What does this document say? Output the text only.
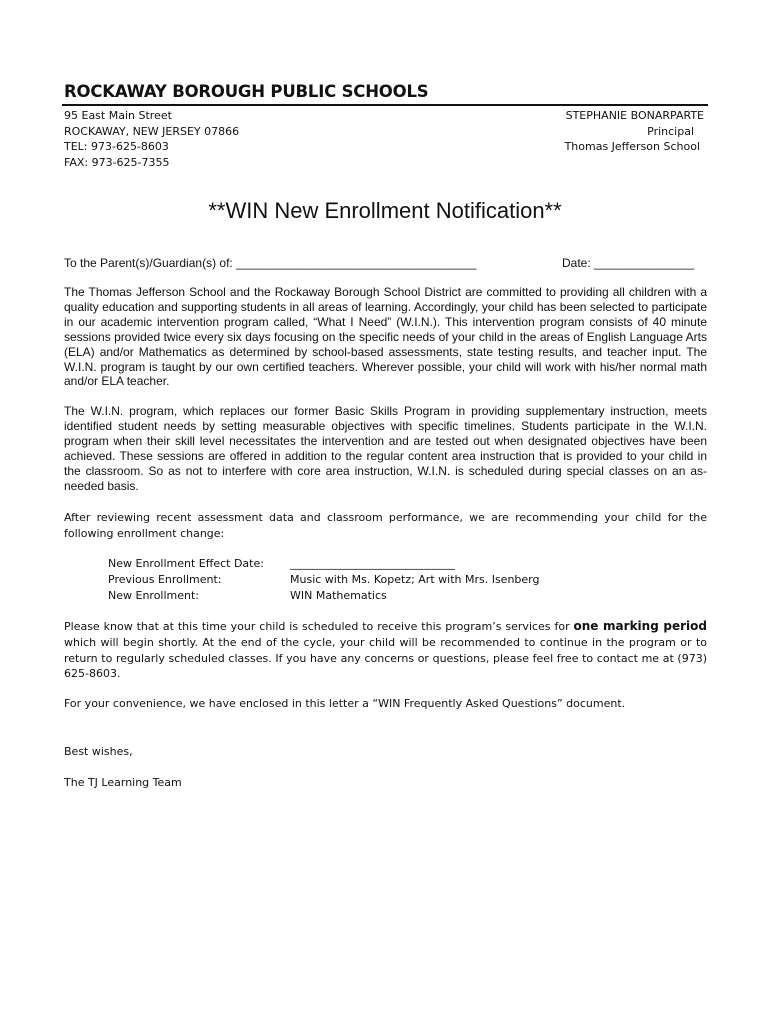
ROCKAWAY BOROUGH PUBLIC SCHOOLS
95 East Main Street
ROCKAWAY, NEW JERSEY 07866
TEL: 973-625-8603
FAX: 973-625-7355
STEPHANIE BONARPARTE
Principal
Thomas Jefferson School
**WIN New Enrollment Notification**
To the Parent(s)/Guardian(s) of: ____________________________________	Date: _______________
The Thomas Jefferson School and the Rockaway Borough School District are committed to providing all children with a quality education and supporting students in all areas of learning. Accordingly, your child has been selected to participate in our academic intervention program called, “What I Need” (W.I.N.). This intervention program consists of 40 minute sessions provided twice every six days focusing on the specific needs of your child in the areas of English Language Arts (ELA) and/or Mathematics as determined by school-based assessments, state testing results, and teacher input. The W.I.N. program is taught by our own certified teachers. Wherever possible, your child will work with his/her normal math and/or ELA teacher.
The W.I.N. program, which replaces our former Basic Skills Program in providing supplementary instruction, meets identified student needs by setting measurable objectives with specific timelines. Students participate in the W.I.N. program when their skill level necessitates the intervention and are tested out when designated objectives have been achieved. These sessions are offered in addition to the regular content area instruction that is provided to your child in the classroom. So as not to interfere with core area instruction, W.I.N. is scheduled during special classes on an as-needed basis.
After reviewing recent assessment data and classroom performance, we are recommending your child for the following enrollment change:
New Enrollment Effect Date:	______________________________
Previous Enrollment:	Music with Ms. Kopetz; Art with Mrs. Isenberg
New Enrollment:	WIN Mathematics
Please know that at this time your child is scheduled to receive this program’s services for one marking period which will begin shortly. At the end of the cycle, your child will be recommended to continue in the program or to return to regularly scheduled classes. If you have any concerns or questions, please feel free to contact me at (973) 625-8603.
For your convenience, we have enclosed in this letter a “WIN Frequently Asked Questions” document.
Best wishes,
The TJ Learning Team
